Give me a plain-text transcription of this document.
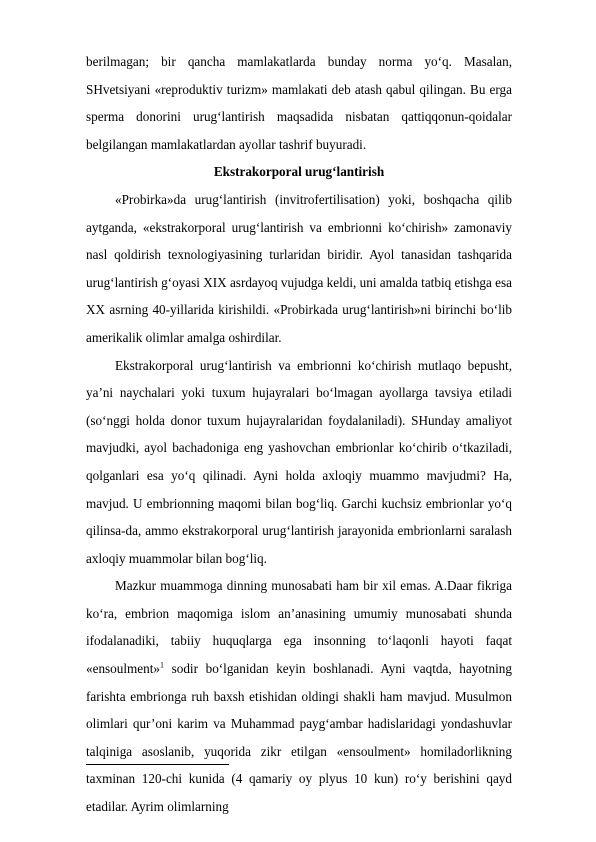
berilmagan; bir qancha mamlakatlarda bunday norma yo‘q. Masalan, SHvetsiyani «reproduktiv turizm» mamlakati deb atash qabul qilingan. Bu erga sperma donorini urug‘lantirish maqsadida nisbatan qattiqqonun-qoidalar belgilangan mamlakatlardan ayollar tashrif buyuradi.

Ekstrakorporal urug‘lantirish

«Probirka»da urug‘lantirish (invitrofertilisation) yoki, boshqacha qilib aytganda, «ekstrakorporal urug‘lantirish va embrionni ko‘chirish» zamonaviy nasl qoldirish texnologiyasining turlaridan biridir. Ayol tanasidan tashqarida urug‘lantirish g‘oyasi XIX asrdayoq vujudga keldi, uni amalda tatbiq etishga esa XX asrning 40-yillarida kirishildi. «Probirkada urug‘lantirish»ni birinchi bo‘lib amerikalik olimlar amalga oshirdilar.

Ekstrakorporal urug‘lantirish va embrionni ko‘chirish mutlaqo bepusht, ya’ni naychalari yoki tuxum hujayralari bo‘lmagan ayollarga tavsiya etiladi (so‘nggi holda donor tuxum hujayralaridan foydalaniladi). SHunday amaliyot mavjudki, ayol bachadoniga eng yashovchan embrionlar ko‘chirib o‘tkaziladi, qolganlari esa yo‘q qilinadi. Ayni holda axloqiy muammo mavjudmi? Ha, mavjud. U embrionning maqomi bilan bog‘liq. Garchi kuchsiz embrionlar yo‘q qilinsa-da, ammo ekstrakorporal urug‘lantirish jarayonida embrionlarni saralash axloqiy muammolar bilan bog‘liq.

Mazkur muammoga dinning munosabati ham bir xil emas. A.Daar fikriga ko‘ra, embrion maqomiga islom an’anasining umumiy munosabati shunda ifodalanadiki, tabiiy huquqlarga ega insonning to‘laqonli hayoti faqat «ensoulment»$^1$ sodir bo‘lganidan keyin boshlanadi. Ayni vaqtda, hayotning farishta embrionga ruh baxsh etishidan oldingi shakli ham mavjud. Musulmon olimlari qur’oni karim va Muhammad payg‘ambar hadislaridagi yondashuvlar talqiniga asoslanib, yuqorida zikr etilgan «ensoulment» homiladorlikning taxminan 120-chi kunida (4 qamariy oy plyus 10 kun) ro‘y berishini qayd etadilar. Ayrim olimlarning
